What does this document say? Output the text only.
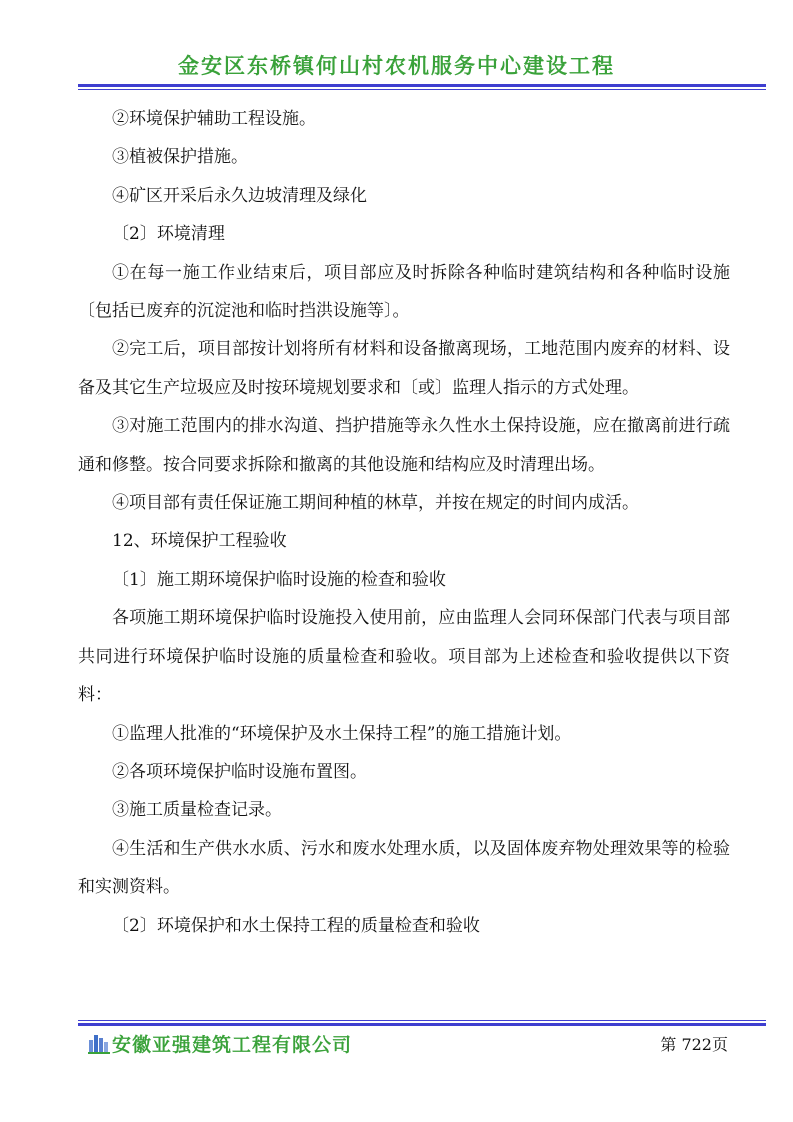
金安区东桥镇何山村农机服务中心建设工程

②环境保护辅助工程设施。

③植被保护措施。

④矿区开采后永久边坡清理及绿化

〔2〕环境清理

①在每一施工作业结束后，项目部应及时拆除各种临时建筑结构和各种临时设施〔包括已废弃的沉淀池和临时挡洪设施等〕。

②完工后，项目部按计划将所有材料和设备撤离现场，工地范围内废弃的材料、设备及其它生产垃圾应及时按环境规划要求和〔或〕监理人指示的方式处理。

③对施工范围内的排水沟道、挡护措施等永久性水土保持设施，应在撤离前进行疏通和修整。按合同要求拆除和撤离的其他设施和结构应及时清理出场。

④项目部有责任保证施工期间种植的林草，并按在规定的时间内成活。

12、环境保护工程验收

〔1〕施工期环境保护临时设施的检查和验收

各项施工期环境保护临时设施投入使用前，应由监理人会同环保部门代表与项目部共同进行环境保护临时设施的质量检查和验收。项目部为上述检查和验收提供以下资料：

①监理人批准的“环境保护及水土保持工程”的施工措施计划。

②各项环境保护临时设施布置图。

③施工质量检查记录。

④生活和生产供水水质、污水和废水处理水质，以及固体废弃物处理效果等的检验和实测资料。

〔2〕环境保护和水土保持工程的质量检查和验收

安徽亚强建筑工程有限公司	第 722页
